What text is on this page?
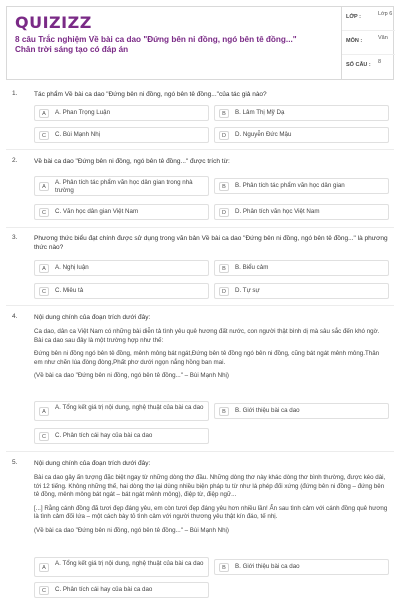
QUIZIZZ
8 câu Trắc nghiệm Về bài ca dao "Đứng bên ni đồng, ngó bên tê đồng..." Chân trời sáng tạo có đáp án
LỚP :	Lớp 6
MÔN :	Văn
SỐ CÂU : 8
1.	Tác phẩm Về bài ca dao "Đứng bên ni đồng, ngó bên tê đồng..."của tác giả nào?
A	A. Phan Trọng Luận	B	B. Lâm Thị Mỹ Dạ
C	C. Bùi Mạnh Nhị	D	D. Nguyễn Đức Mậu
2.	Về bài ca dao "Đứng bên ni đồng, ngó bên tê đồng..." được trích từ:
A
A. Phân tích tác phẩm văn học dân gian trong nhà trường	B	B. Phân tích tác phẩm văn học dân gian
C	C. Văn học dân gian Việt Nam	D	D. Phân tích văn học Việt Nam
3.	Phương thức biểu đạt chính được sử dụng trong văn bản Về bài ca dao "Đứng bên ni đồng, ngó bên tê đồng..." là phương thức nào?
A	A. Nghị luận	B	B. Biểu cảm
C	C. Miêu tả	D	D. Tự sự
4.	Nội dung chính của đoạn trích dưới đây:
Ca dao, dân ca Việt Nam có những bài diễn tả tình yêu quê hương đất nước, con người thật bình dị mà sâu sắc đến khó ngờ. Bài ca dao sau đây là một trường hợp như thế:
Đứng bên ni đồng ngó bên tê đồng, mênh mông bát ngát,Đứng bên tê đồng ngó bên ni đồng, cũng bát ngát mênh mông.Thân em như chẽn lúa đòng đòng,Phất phơ dưới ngọn nắng hồng ban mai.
(Về bài ca dao "Đứng bên ni đồng, ngó bên tê đồng..." – Bùi Mạnh Nhị)
A
A. Tổng kết giá trị nội dung, nghệ thuật của bài ca dao
B	B. Giới thiệu bài ca dao
C	C. Phân tích cái hay của bài ca dao
5.	Nội dung chính của đoạn trích dưới đây:
Bài ca dao gây ấn tượng đặc biệt ngay từ những dòng thơ đầu. Những dòng thơ này khác dòng thơ bình thường, được kéo dài, tới 12 tiếng. Không những thế, hai dòng thơ lại dùng nhiều biện pháp tu từ như lá phép đối xứng (đứng bên ni đồng – đứng bên tê đồng, mênh mông bát ngát – bát ngát mênh mông), điệp từ, điệp ngữ...
[...] Rằng cánh đồng đã tươi đẹp đáng yêu, em còn tươi đẹp đáng yêu hơn nhiều lần! Ẩn sau tình cảm với cánh đồng quê hương là tình cảm đối lứa – một cách bày tỏ tình cảm với người thương yêu thật kín đáo, tế nhị.
(Về bài ca dao "Đứng bên ni đồng, ngó bên tê đồng..." – Bùi Mạnh Nhị)
A
A. Tổng kết giá trị nội dung, nghệ thuật của bài ca dao
B	B. Giới thiệu bài ca dao
C	C. Phân tích cái hay của bài ca dao
